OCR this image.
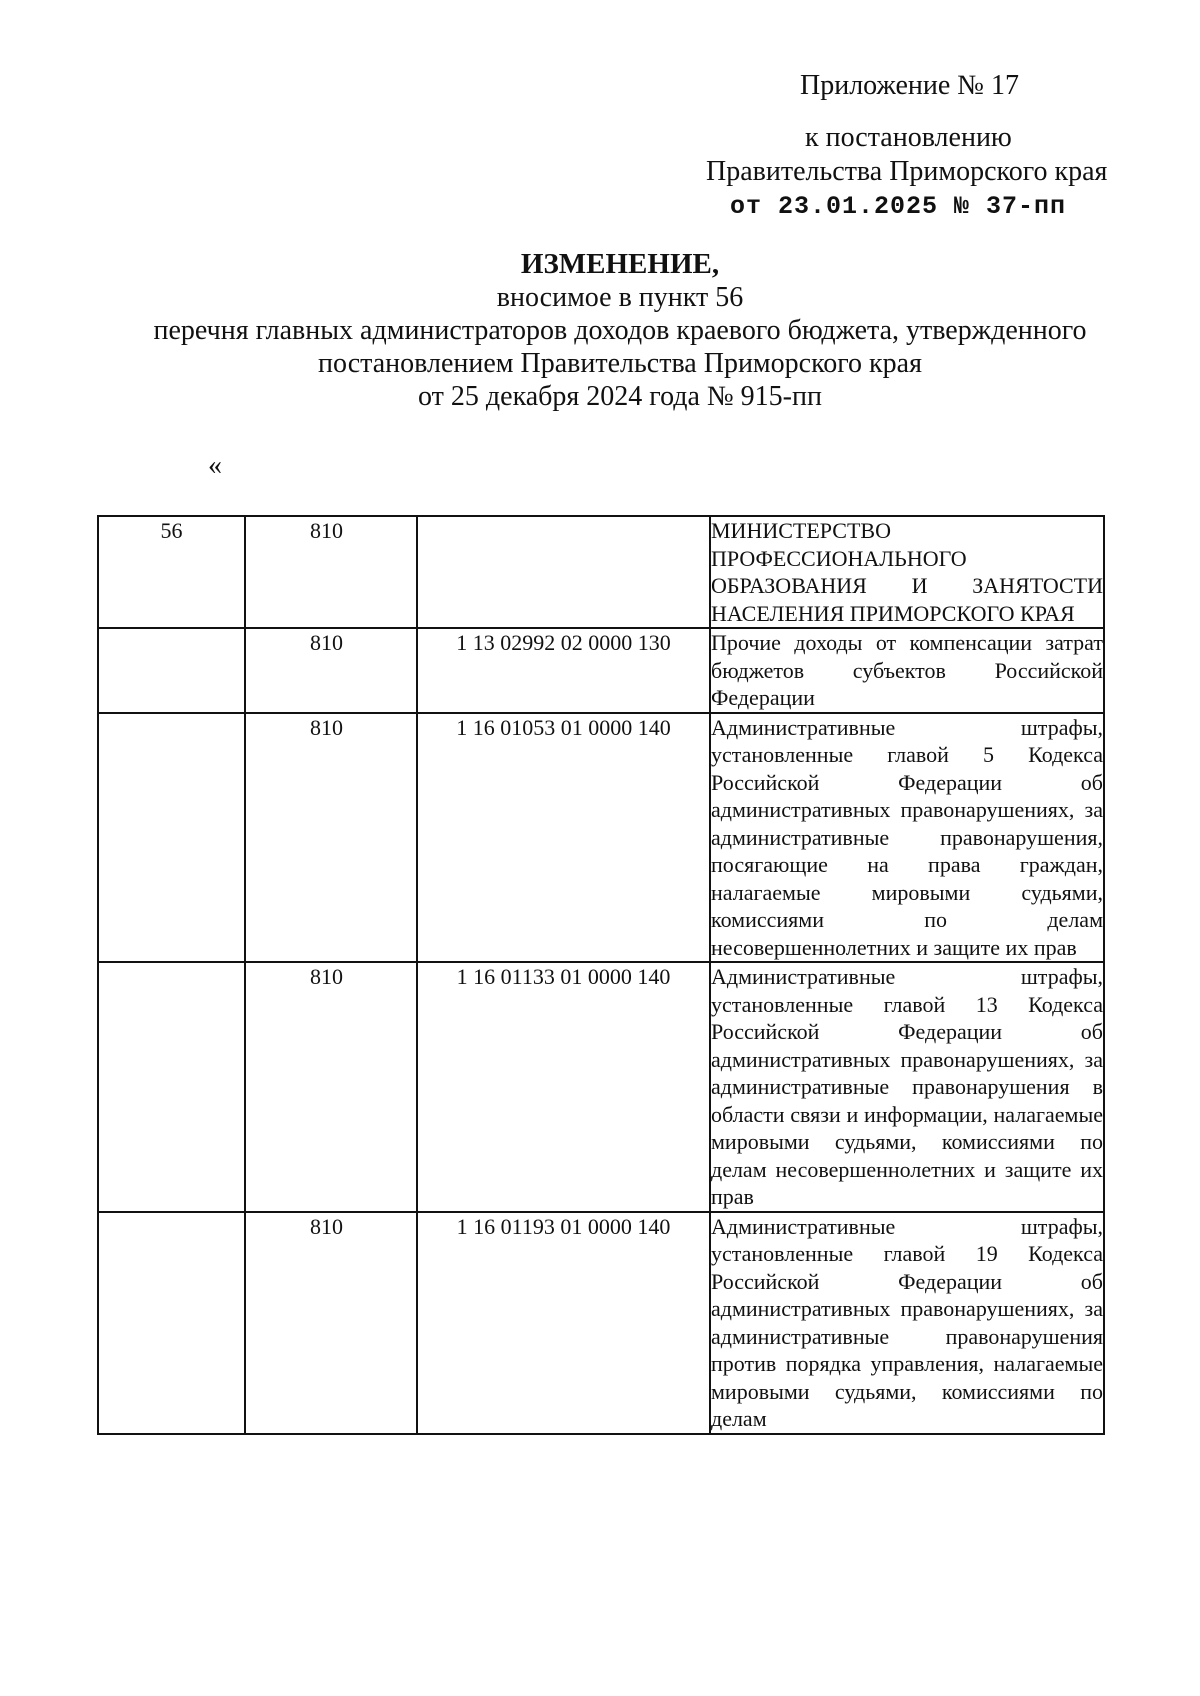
Приложение № 17
к постановлению
Правительства Приморского края
от 23.01.2025 № 37-пп
ИЗМЕНЕНИЕ,
вносимое в пункт 56
перечня главных администраторов доходов краевого бюджета, утвержденного
постановлением Правительства Приморского края
от 25 декабря 2024 года № 915-пп
«
56	810		МИНИСТЕРСТВО ПРОФЕССИОНАЛЬНОГО ОБРАЗОВАНИЯ И ЗАНЯТОСТИ НАСЕЛЕНИЯ ПРИМОРСКОГО КРАЯ
	810	1 13 02992 02 0000 130	Прочие доходы от компенсации затрат бюджетов субъектов Российской Федерации
	810	1 16 01053 01 0000 140	Административные штрафы, установленные главой 5 Кодекса Российской Федерации об административных правонарушениях, за административные правонарушения, посягающие на права граждан, налагаемые мировыми судьями, комиссиями по делам несовершеннолетних и защите их прав
	810	1 16 01133 01 0000 140	Административные штрафы, установленные главой 13 Кодекса Российской Федерации об административных правонарушениях, за административные правонарушения в области связи и информации, налагаемые мировыми судьями, комиссиями по делам несовершеннолетних и защите их прав
	810	1 16 01193 01 0000 140	Административные штрафы, установленные главой 19 Кодекса Российской Федерации об административных правонарушениях, за административные правонарушения против порядка управления, налагаемые мировыми судьями, комиссиями по делам
